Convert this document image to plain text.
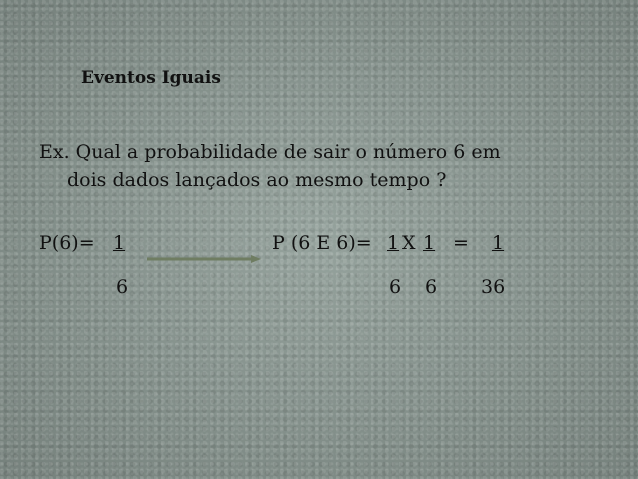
Eventos Iguais
Ex. Qual a probabilidade de sair o número 6 em
dois dados lançados ao mesmo tempo ?
P(6)= 1
6
P (6 E 6)= 1 X 1 = 1
6 6 36
